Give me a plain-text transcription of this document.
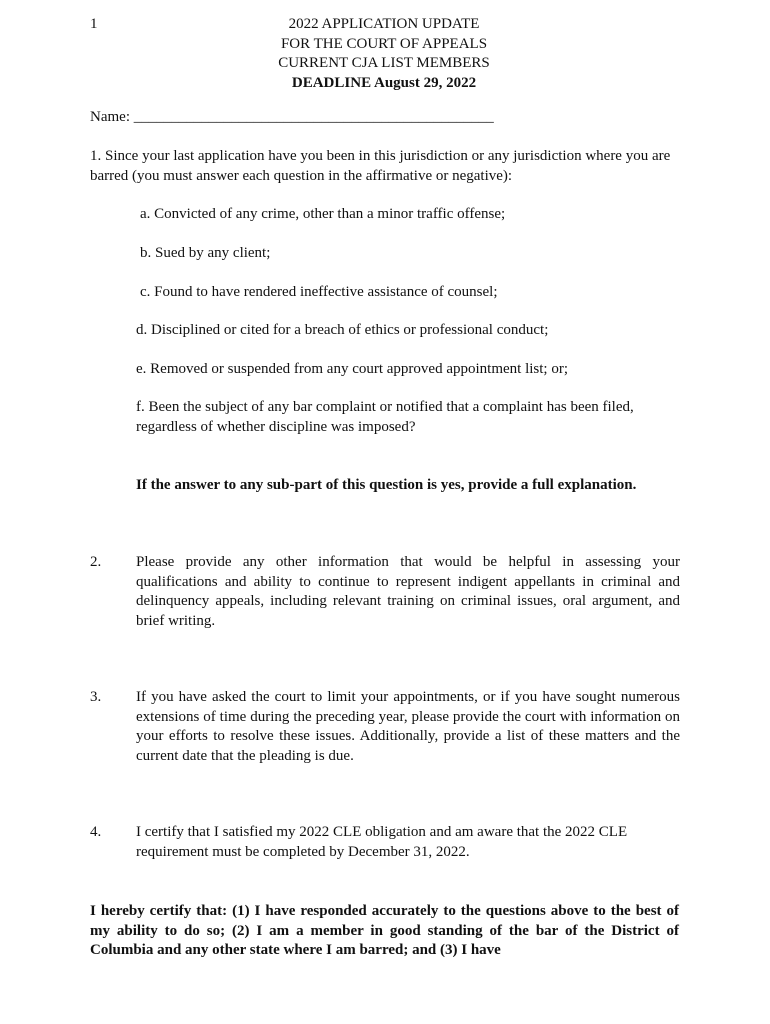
1	2022 APPLICATION UPDATE
FOR THE COURT OF APPEALS
CURRENT CJA LIST MEMBERS
DEADLINE August 29, 2022
Name: ________________________________________________
1. Since your last application have you been in this jurisdiction or any jurisdiction where you are barred (you must answer each question in the affirmative or negative):
a. Convicted of any crime, other than a minor traffic offense;
b. Sued by any client;
c. Found to have rendered ineffective assistance of counsel;
d. Disciplined or cited for a breach of ethics or professional conduct;
e. Removed or suspended from any court approved appointment list; or;
f. Been the subject of any bar complaint or notified that a complaint has been filed, regardless of whether discipline was imposed?
If the answer to any sub-part of this question is yes, provide a full explanation.
2.	Please provide any other information that would be helpful in assessing your qualifications and ability to continue to represent indigent appellants in criminal and delinquency appeals, including relevant training on criminal issues, oral argument, and brief writing.
3.	If you have asked the court to limit your appointments, or if you have sought numerous extensions of time during the preceding year, please provide the court with information on your efforts to resolve these issues. Additionally, provide a list of these matters and the current date that the pleading is due.
4.	I certify that I satisfied my 2022 CLE obligation and am aware that the 2022 CLE requirement must be completed by December 31, 2022.
I hereby certify that: (1) I have responded accurately to the questions above to the best of my ability to do so; (2) I am a member in good standing of the bar of the District of Columbia and any other state where I am barred; and (3) I have
